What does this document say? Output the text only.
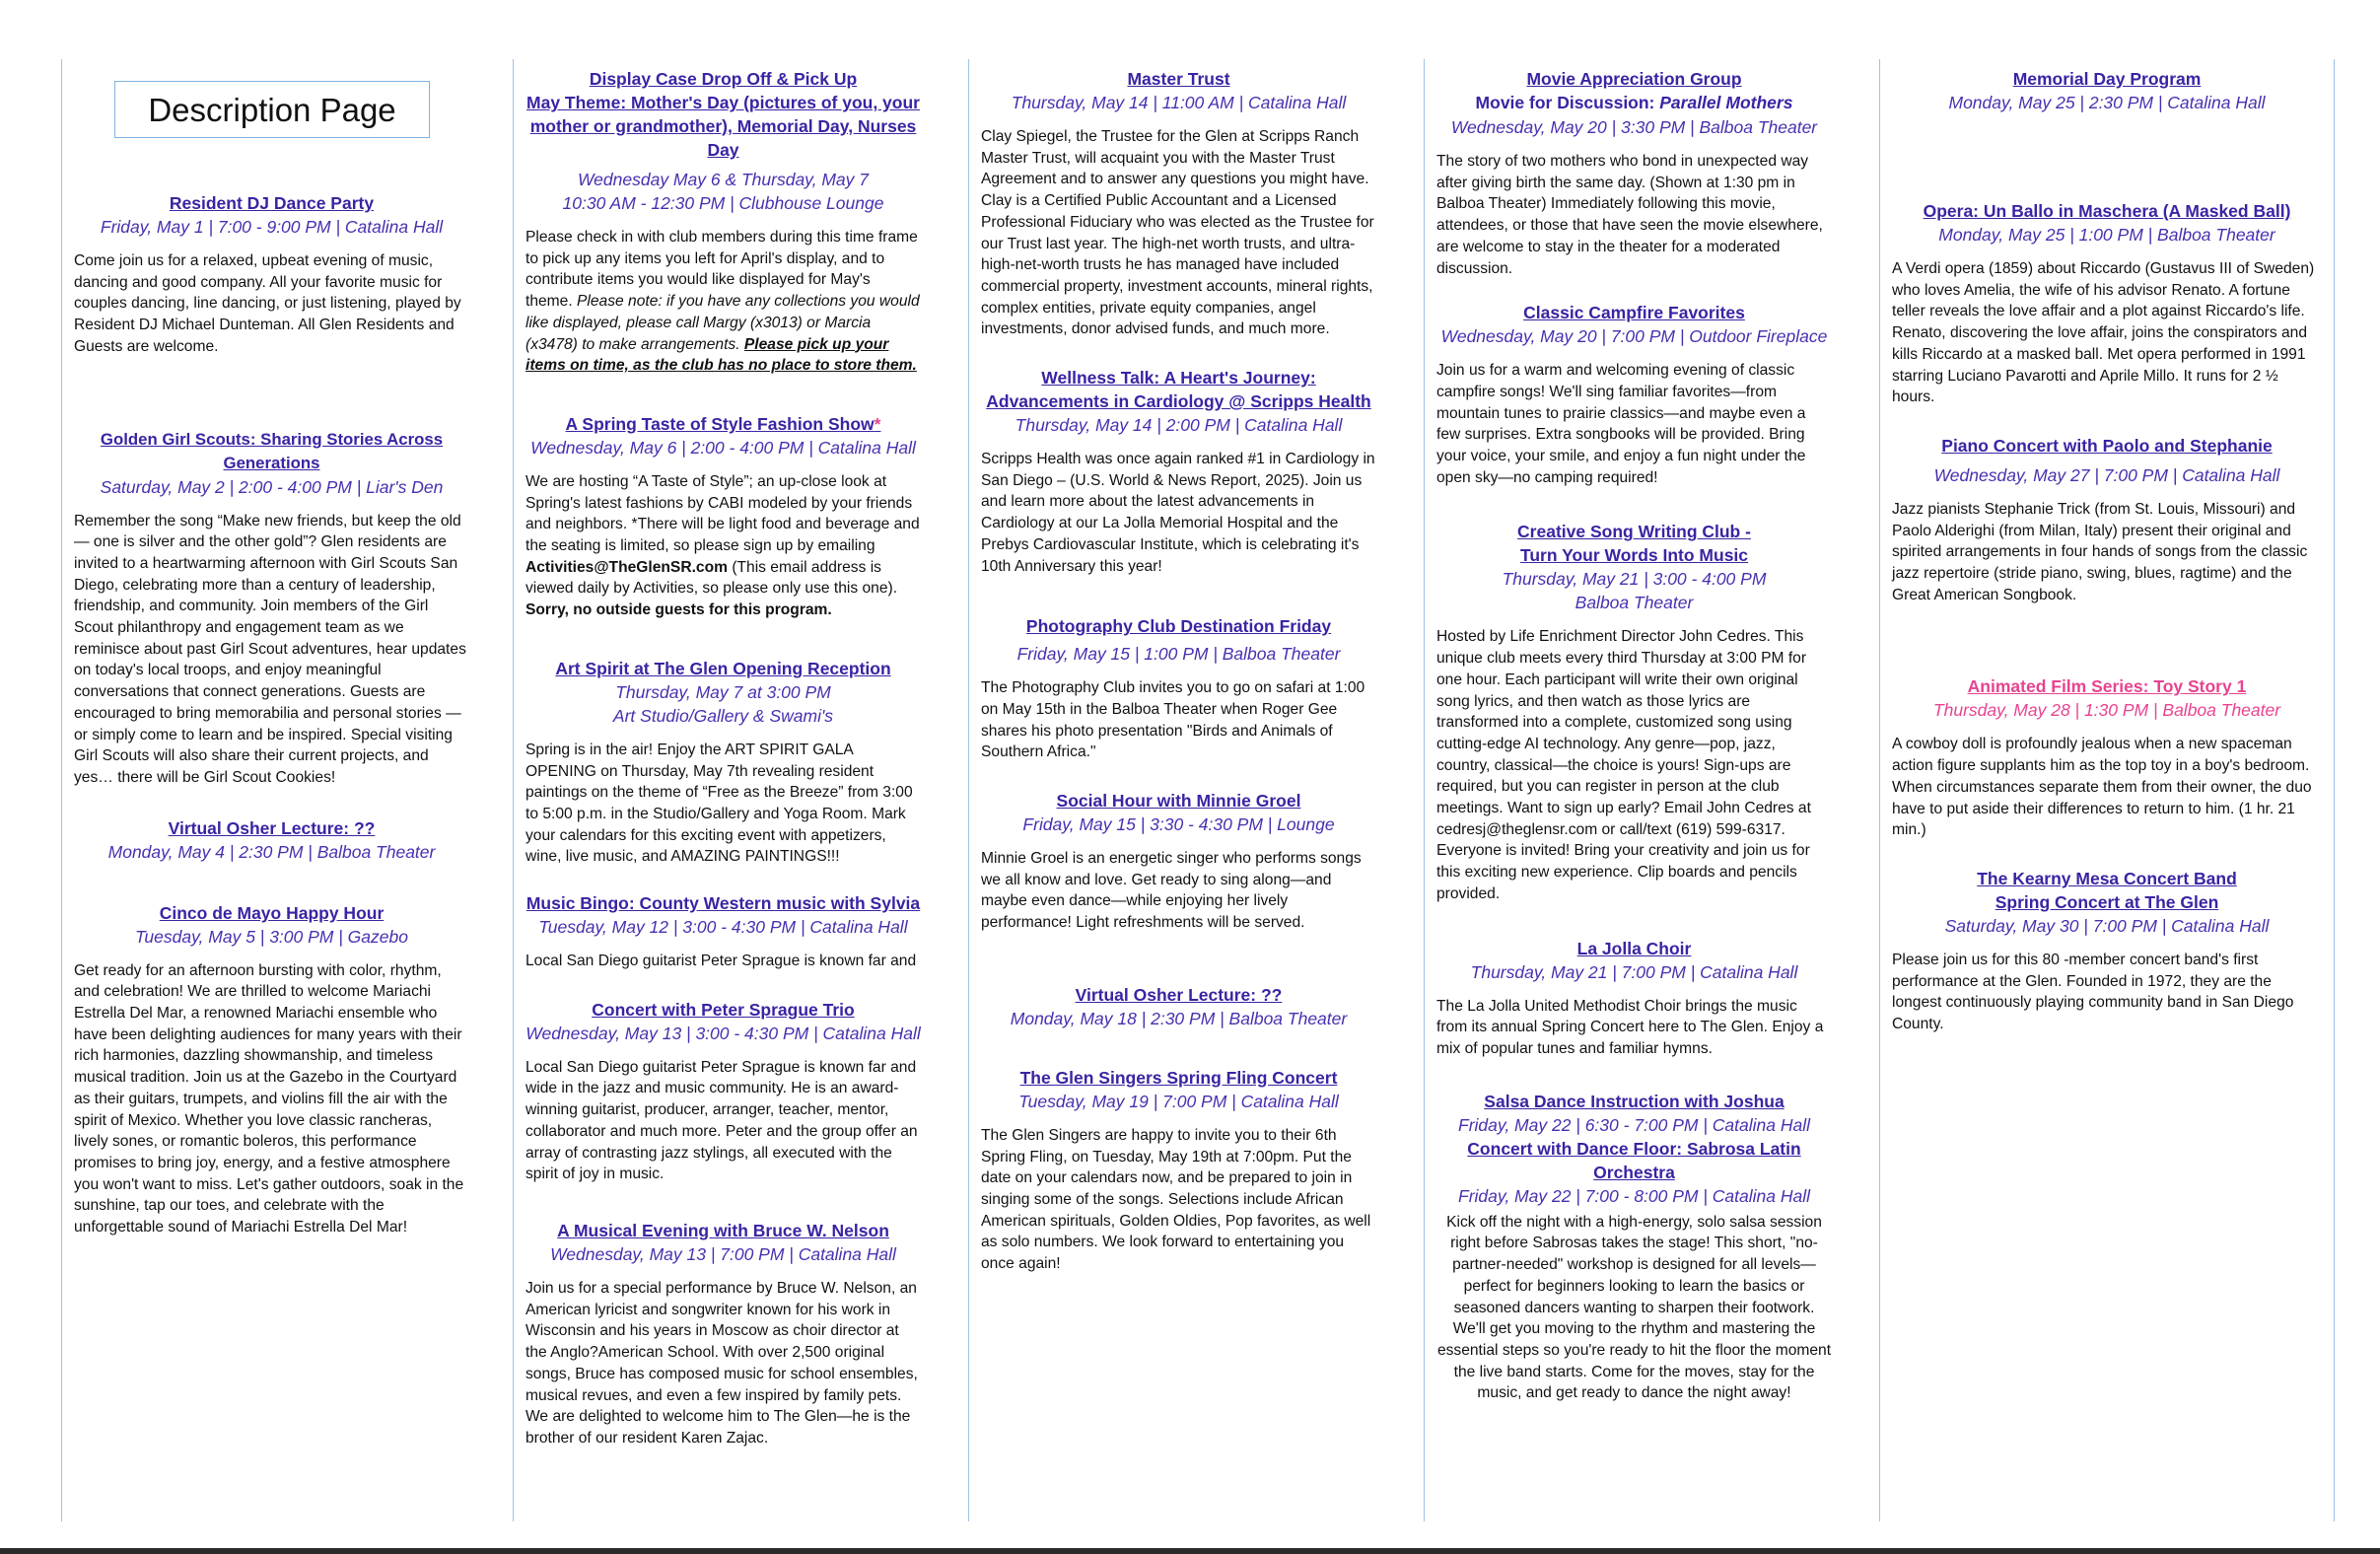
Description Page
Resident DJ Dance Party
Friday, May 1 | 7:00 - 9:00 PM | Catalina Hall

Come join us for a relaxed, upbeat evening of music, dancing and good company. All your favorite music for couples dancing, line dancing, or just listening, played by Resident DJ Michael Dunteman. All Glen Residents and Guests are welcome.

Golden Girl Scouts: Sharing Stories Across Generations
Saturday, May 2 | 2:00 - 4:00 PM | Liar's Den

Remember the song “Make new friends, but keep the old — one is silver and the other gold”? Glen residents are invited to a heartwarming afternoon with Girl Scouts San Diego, celebrating more than a century of leadership, friendship, and community. Join members of the Girl Scout philanthropy and engagement team as we reminisce about past Girl Scout adventures, hear updates on today's local troops, and enjoy meaningful conversations that connect generations. Guests are encouraged to bring memorabilia and personal stories — or simply come to learn and be inspired. Special visiting Girl Scouts will also share their current projects, and yes… there will be Girl Scout Cookies!

Virtual Osher Lecture: ??
Monday, May 4 | 2:30 PM | Balboa Theater
Cinco de Mayo Happy Hour
Tuesday, May 5 | 3:00 PM | Gazebo

Get ready for an afternoon bursting with color, rhythm, and celebration! We are thrilled to welcome Mariachi Estrella Del Mar, a renowned Mariachi ensemble who have been delighting audiences for many years with their rich harmonies, dazzling showmanship, and timeless musical tradition. Join us at the Gazebo in the Courtyard as their guitars, trumpets, and violins fill the air with the spirit of Mexico. Whether you love classic rancheras, lively sones, or romantic boleros, this performance promises to bring joy, energy, and a festive atmosphere you won't want to miss. Let's gather outdoors, soak in the sunshine, tap our toes, and celebrate with the unforgettable sound of Mariachi Estrella Del Mar!

Display Case Drop Off & Pick Up
May Theme: Mother's Day (pictures of you, your mother or grandmother), Memorial Day, Nurses Day
Wednesday May 6 & Thursday, May 7
10:30 AM - 12:30 PM | Clubhouse Lounge

Please check in with club members during this time frame to pick up any items you left for April's display, and to contribute items you would like displayed for May's theme. Please note: if you have any collections you would like displayed, please call Margy (x3013) or Marcia (x3478) to make arrangements. Please pick up your items on time, as the club has no place to store them.

A Spring Taste of Style Fashion Show*
Wednesday, May 6 | 2:00 - 4:00 PM | Catalina Hall

We are hosting “A Taste of Style”; an up-close look at Spring's latest fashions by CABI modeled by your friends and neighbors. *There will be light food and beverage and the seating is limited, so please sign up by emailing Activities@TheGlenSR.com (This email address is viewed daily by Activities, so please only use this one). Sorry, no outside guests for this program.

Art Spirit at The Glen Opening Reception
Thursday, May 7 at 3:00 PM
Art Studio/Gallery & Swami's

Spring is in the air! Enjoy the ART SPIRIT GALA OPENING on Thursday, May 7th revealing resident paintings on the theme of “Free as the Breeze” from 3:00 to 5:00 p.m. in the Studio/Gallery and Yoga Room. Mark your calendars for this exciting event with appetizers, wine, live music, and AMAZING PAINTINGS!!!

Music Bingo: County Western music with Sylvia
Tuesday, May 12 | 3:00 - 4:30 PM | Catalina Hall

Local San Diego guitarist Peter Sprague is known far and

Concert with Peter Sprague Trio
Wednesday, May 13 | 3:00 - 4:30 PM | Catalina Hall

Local San Diego guitarist Peter Sprague is known far and wide in the jazz and music community. He is an award-winning guitarist, producer, arranger, teacher, mentor, collaborator and much more. Peter and the group offer an array of contrasting jazz stylings, all executed with the spirit of joy in music.

A Musical Evening with Bruce W. Nelson
Wednesday, May 13 | 7:00 PM | Catalina Hall

Join us for a special performance by Bruce W. Nelson, an American lyricist and songwriter known for his work in Wisconsin and his years in Moscow as choir director at the Anglo?American School. With over 2,500 original songs, Bruce has composed music for school ensembles, musical revues, and even a few inspired by family pets. We are delighted to welcome him to The Glen—he is the brother of our resident Karen Zajac.

Master Trust
Thursday, May 14 | 11:00 AM | Catalina Hall

Clay Spiegel, the Trustee for the Glen at Scripps Ranch Master Trust, will acquaint you with the Master Trust Agreement and to answer any questions you might have. Clay is a Certified Public Accountant and a Licensed Professional Fiduciary who was elected as the Trustee for our Trust last year. The high-net worth trusts, and ultra-high-net-worth trusts he has managed have included commercial property, investment accounts, mineral rights, complex entities, private equity companies, angel investments, donor advised funds, and much more.

Wellness Talk: A Heart's Journey: Advancements in Cardiology @ Scripps Health
Thursday, May 14 | 2:00 PM | Catalina Hall

Scripps Health was once again ranked #1 in Cardiology in San Diego – (U.S. World & News Report, 2025). Join us and learn more about the latest advancements in Cardiology at our La Jolla Memorial Hospital and the Prebys Cardiovascular Institute, which is celebrating it's 10th Anniversary this year!

Photography Club Destination Friday
Friday, May 15 | 1:00 PM | Balboa Theater

The Photography Club invites you to go on safari at 1:00 on May 15th in the Balboa Theater when Roger Gee shares his photo presentation "Birds and Animals of Southern Africa."

Social Hour with Minnie Groel
Friday, May 15 | 3:30 - 4:30 PM | Lounge

Minnie Groel is an energetic singer who performs songs we all know and love. Get ready to sing along—and maybe even dance—while enjoying her lively performance! Light refreshments will be served.

Virtual Osher Lecture: ??
Monday, May 18 | 2:30 PM | Balboa Theater
The Glen Singers Spring Fling Concert
Tuesday, May 19 | 7:00 PM | Catalina Hall

The Glen Singers are happy to invite you to their 6th Spring Fling, on Tuesday, May 19th at 7:00pm. Put the date on your calendars now, and be prepared to join in singing some of the songs. Selections include African American spirituals, Golden Oldies, Pop favorites, as well as solo numbers. We look forward to entertaining you once again!

Movie Appreciation Group
Movie for Discussion: Parallel Mothers
Wednesday, May 20 | 3:30 PM | Balboa Theater

The story of two mothers who bond in unexpected way after giving birth the same day. (Shown at 1:30 pm in Balboa Theater) Immediately following this movie, attendees, or those that have seen the movie elsewhere, are welcome to stay in the theater for a moderated discussion.

Classic Campfire Favorites
Wednesday, May 20 | 7:00 PM | Outdoor Fireplace

Join us for a warm and welcoming evening of classic campfire songs! We'll sing familiar favorites—from mountain tunes to prairie classics—and maybe even a few surprises. Extra songbooks will be provided. Bring your voice, your smile, and enjoy a fun night under the open sky—no camping required!

Creative Song Writing Club -
Turn Your Words Into Music
Thursday, May 21 | 3:00 - 4:00 PM
Balboa Theater

Hosted by Life Enrichment Director John Cedres. This unique club meets every third Thursday at 3:00 PM for one hour. Each participant will write their own original song lyrics, and then watch as those lyrics are transformed into a complete, customized song using cutting-edge AI technology. Any genre—pop, jazz, country, classical—the choice is yours! Sign-ups are required, but you can register in person at the club meetings. Want to sign up early? Email John Cedres at cedresj@theglensr.com or call/text (619) 599-6317. Everyone is invited! Bring your creativity and join us for this exciting new experience. Clip boards and pencils provided.

La Jolla Choir
Thursday, May 21 | 7:00 PM | Catalina Hall

The La Jolla United Methodist Choir brings the music from its annual Spring Concert here to The Glen. Enjoy a mix of popular tunes and familiar hymns.

Salsa Dance Instruction with Joshua
Friday, May 22 | 6:30 - 7:00 PM | Catalina Hall
Concert with Dance Floor: Sabrosa Latin Orchestra
Friday, May 22 | 7:00 - 8:00 PM | Catalina Hall

Kick off the night with a high-energy, solo salsa session right before Sabrosas takes the stage! This short, "no-partner-needed" workshop is designed for all levels—perfect for beginners looking to learn the basics or seasoned dancers wanting to sharpen their footwork. We'll get you moving to the rhythm and mastering the essential steps so you're ready to hit the floor the moment the live band starts. Come for the moves, stay for the music, and get ready to dance the night away!

Memorial Day Program
Monday, May 25 | 2:30 PM | Catalina Hall
Opera: Un Ballo in Maschera (A Masked Ball)
Monday, May 25 | 1:00 PM | Balboa Theater

A Verdi opera (1859) about Riccardo (Gustavus III of Sweden) who loves Amelia, the wife of his advisor Renato. A fortune teller reveals the love affair and a plot against Riccardo's life. Renato, discovering the love affair, joins the conspirators and kills Riccardo at a masked ball. Met opera performed in 1991 starring Luciano Pavarotti and Aprile Millo. It runs for 2 ½ hours.

Piano Concert with Paolo and Stephanie
Wednesday, May 27 | 7:00 PM | Catalina Hall

Jazz pianists Stephanie Trick (from St. Louis, Missouri) and Paolo Alderighi (from Milan, Italy) present their original and spirited arrangements in four hands of songs from the classic jazz repertoire (stride piano, swing, blues, ragtime) and the Great American Songbook.

Animated Film Series: Toy Story 1
Thursday, May 28 | 1:30 PM | Balboa Theater

A cowboy doll is profoundly jealous when a new spaceman action figure supplants him as the top toy in a boy's bedroom. When circumstances separate them from their owner, the duo have to put aside their differences to return to him. (1 hr. 21 min.)

The Kearny Mesa Concert Band
Spring Concert at The Glen
Saturday, May 30 | 7:00 PM | Catalina Hall

Please join us for this 80 -member concert band's first performance at the Glen. Founded in 1972, they are the longest continuously playing community band in San Diego County.
